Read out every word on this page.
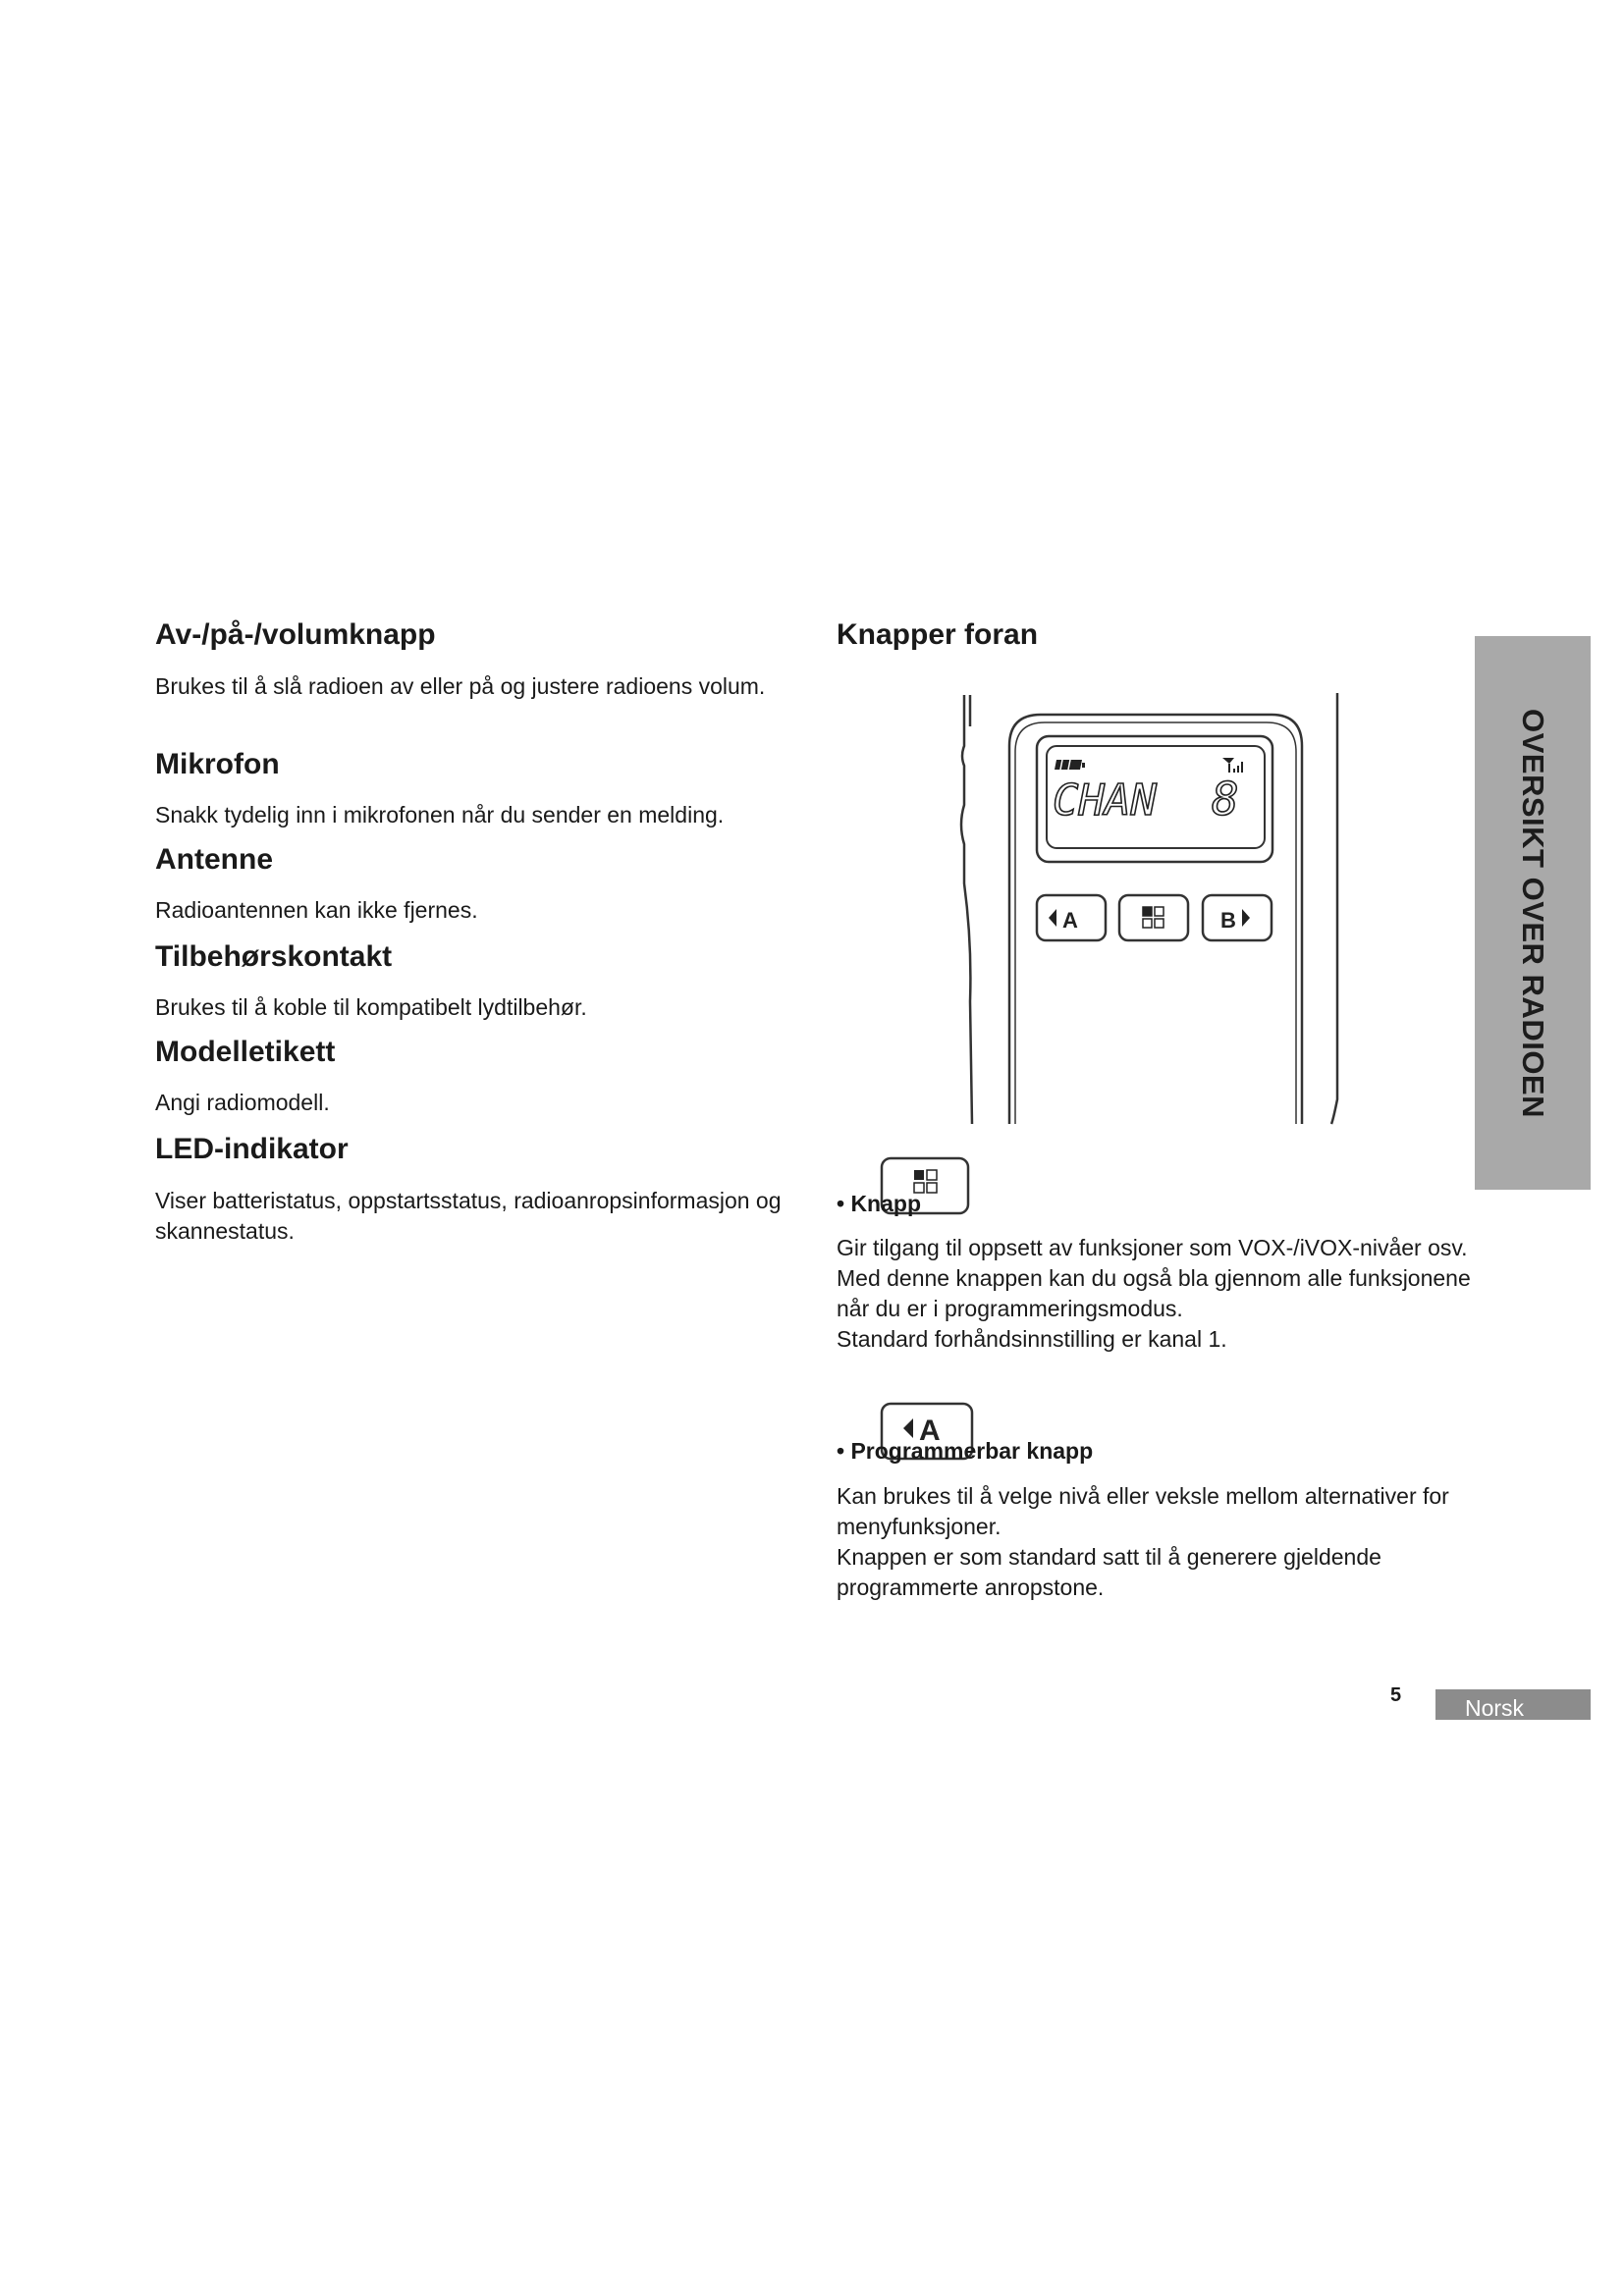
Av-/på-/volumknapp

Brukes til å slå radioen av eller på og justere radioens volum.

Mikrofon

Snakk tydelig inn i mikrofonen når du sender en melding.

Antenne

Radioantennen kan ikke fjernes.

Tilbehørskontakt

Brukes til å koble til kompatibelt lydtilbehør.

Modelletikett

Angi radiomodell.

LED-indikator

Viser batteristatus, oppstartsstatus, radioanropsinformasjon og skannestatus.

Knapper foran
CHAN 8
A	B
• Knapp

Gir tilgang til oppsett av funksjoner som VOX-/iVOX-nivåer osv.

Med denne knappen kan du også bla gjennom alle funksjonene når du er i programmeringsmodus.

Standard forhåndsinnstilling er kanal 1.

A
• Programmerbar knapp

Kan brukes til å velge nivå eller veksle mellom alternativer for menyfunksjoner.

Knappen er som standard satt til å generere gjeldende programmerte anropstone.

OVERSIKT OVER RADIOEN
5	Norsk
